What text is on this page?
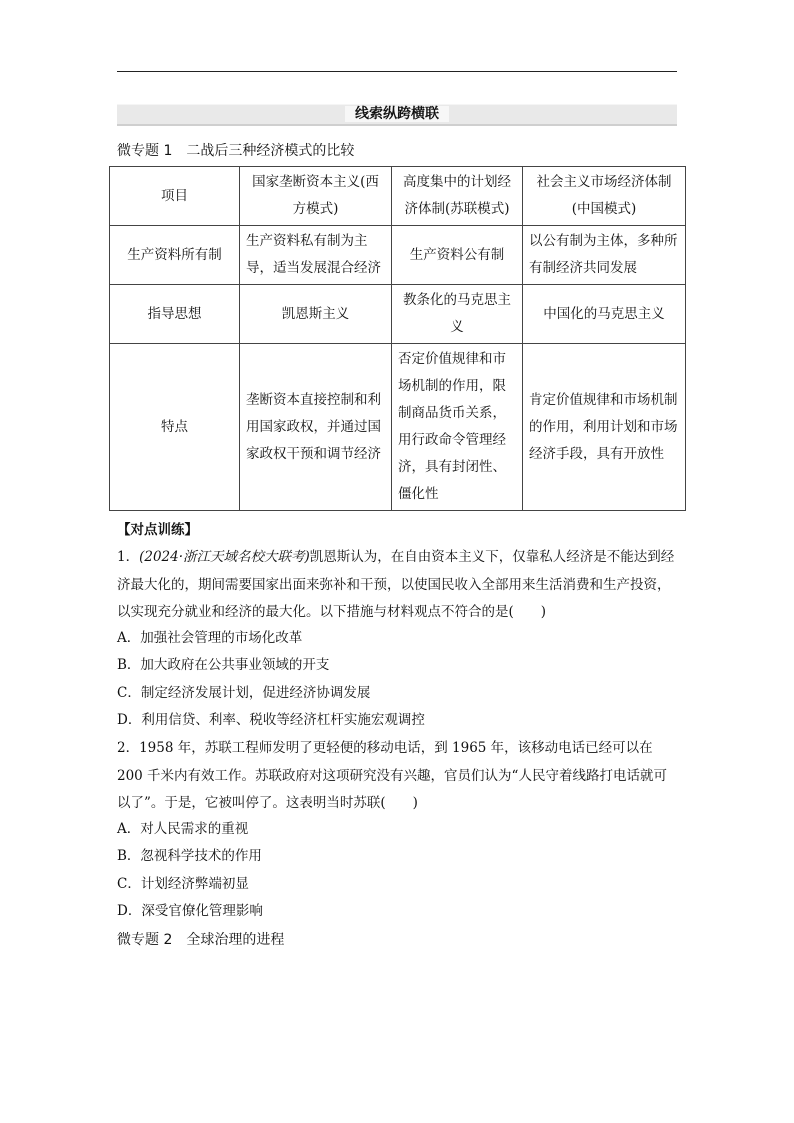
线索纵跨横联
微专题 1 二战后三种经济模式的比较
项目	国家垄断资本主义(西方模式)	高度集中的计划经济体制(苏联模式)	社会主义市场经济体制(中国模式)
生产资料所有制	生产资料私有制为主导，适当发展混合经济	生产资料公有制	以公有制为主体，多种所有制经济共同发展
指导思想	凯恩斯主义	教条化的马克思主义	中国化的马克思主义
特点	垄断资本直接控制和利用国家政权，并通过国家政权干预和调节经济	否定价值规律和市场机制的作用，限制商品货币关系，用行政命令管理经济，具有封闭性、僵化性	肯定价值规律和市场机制的作用，利用计划和市场经济手段，具有开放性
【对点训练】
1．(2024·浙江天域名校大联考)凯恩斯认为，在自由资本主义下，仅靠私人经济是不能达到经济最大化的，期间需要国家出面来弥补和干预，以使国民收入全部用来生活消费和生产投资，以实现充分就业和经济的最大化。以下措施与材料观点不符合的是(　　)
A．加强社会管理的市场化改革
B．加大政府在公共事业领域的开支
C．制定经济发展计划，促进经济协调发展
D．利用信贷、利率、税收等经济杠杆实施宏观调控
2．1958 年，苏联工程师发明了更轻便的移动电话，到 1965 年，该移动电话已经可以在 200 千米内有效工作。苏联政府对这项研究没有兴趣，官员们认为“人民守着线路打电话就可以了”。于是，它被叫停了。这表明当时苏联(　　)
A．对人民需求的重视
B．忽视科学技术的作用
C．计划经济弊端初显
D．深受官僚化管理影响
微专题 2 全球治理的进程
